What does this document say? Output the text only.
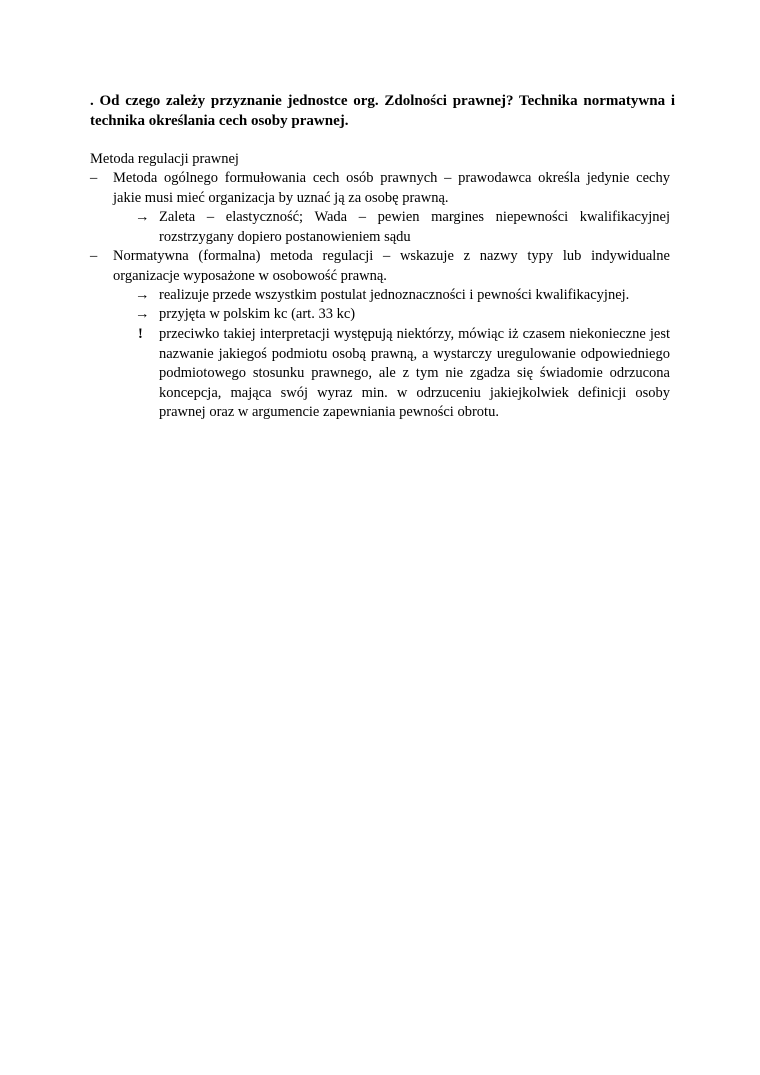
. Od czego zależy przyznanie jednostce org. Zdolności prawnej? Technika normatywna i technika określania cech osoby prawnej.
Metoda regulacji prawnej
– Metoda ogólnego formułowania cech osób prawnych – prawodawca określa jedynie cechy jakie musi mieć organizacja by uznać ją za osobę prawną.
→ Zaleta – elastyczność; Wada – pewien margines niepewności kwalifikacyjnej rozstrzygany dopiero postanowieniem sądu
– Normatywna (formalna) metoda regulacji – wskazuje z nazwy typy lub indywidualne organizacje wyposażone w osobowość prawną.
→ realizuje przede wszystkim postulat jednoznaczności i pewności kwalifikacyjnej.
→ przyjęta w polskim kc (art. 33 kc)
! przeciwko takiej interpretacji występują niektórzy, mówiąc iż czasem niekonieczne jest nazwanie jakiegoś podmiotu osobą prawną, a wystarczy uregulowanie odpowiedniego podmiotowego stosunku prawnego, ale z tym nie zgadza się świadomie odrzucona koncepcja, mająca swój wyraz min. w odrzuceniu jakiejkolwiek definicji osoby prawnej oraz w argumencie zapewniania pewności obrotu.
